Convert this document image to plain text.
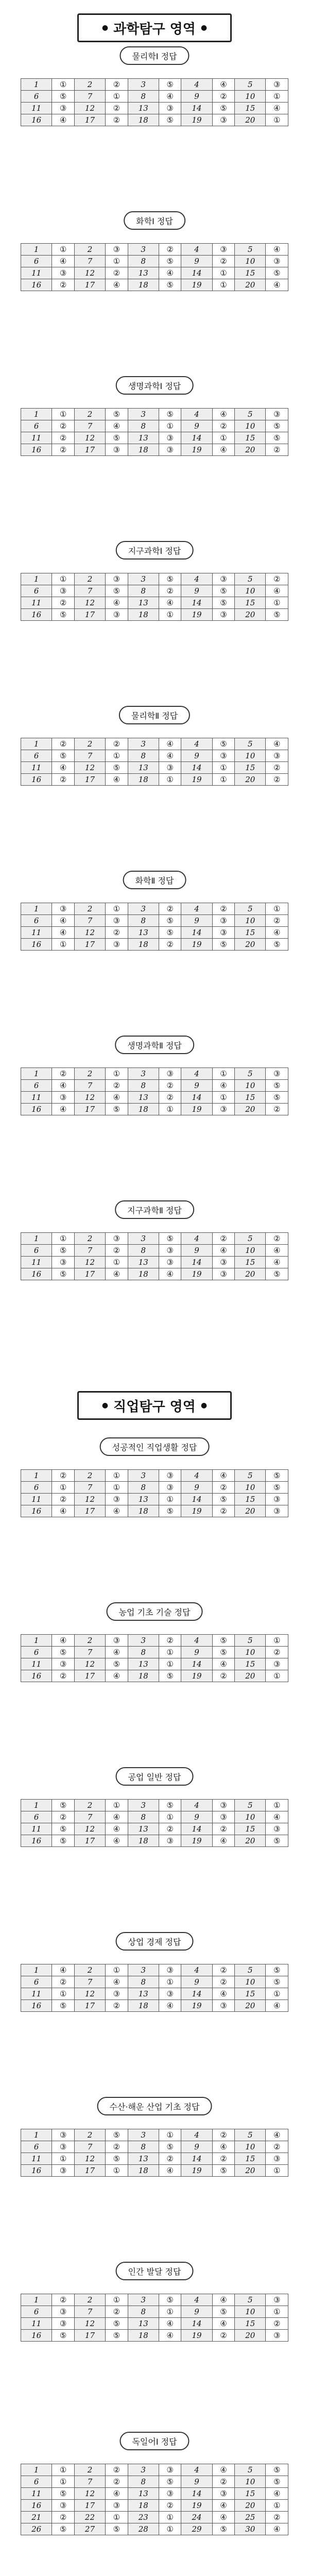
● 과학탐구 영역 ●
● 직업탐구 영역 ●
물리학Ⅰ 정답
1	①	2	②	3	⑤	4	④	5	③
6	⑤	7	①	8	④	9	②	10	①
11	③	12	②	13	③	14	⑤	15	④
16	④	17	②	18	⑤	19	③	20	①
화학Ⅰ 정답
1	①	2	③	3	②	4	③	5	④
6	④	7	①	8	⑤	9	②	10	③
11	③	12	②	13	④	14	①	15	⑤
16	②	17	④	18	⑤	19	①	20	④
생명과학Ⅰ 정답
1	①	2	⑤	3	⑤	4	④	5	③
6	②	7	④	8	①	9	②	10	⑤
11	②	12	⑤	13	③	14	①	15	⑤
16	②	17	③	18	③	19	④	20	②
지구과학Ⅰ 정답
1	①	2	③	3	⑤	4	③	5	②
6	③	7	⑤	8	②	9	⑤	10	④
11	②	12	④	13	④	14	⑤	15	①
16	⑤	17	③	18	①	19	③	20	⑤
물리학Ⅱ 정답
1	②	2	②	3	④	4	⑤	5	④
6	⑤	7	①	8	④	9	③	10	③
11	④	12	⑤	13	③	14	①	15	②
16	②	17	④	18	①	19	①	20	②
화학Ⅱ 정답
1	③	2	①	3	②	4	②	5	①
6	④	7	③	8	⑤	9	③	10	②
11	④	12	②	13	⑤	14	③	15	④
16	①	17	③	18	②	19	⑤	20	⑤
생명과학Ⅱ 정답
1	②	2	①	3	③	4	①	5	③
6	④	7	②	8	②	9	④	10	⑤
11	③	12	④	13	②	14	①	15	⑤
16	④	17	⑤	18	①	19	③	20	②
지구과학Ⅱ 정답
1	①	2	③	3	⑤	4	②	5	②
6	⑤	7	②	8	③	9	④	10	④
11	③	12	①	13	③	14	③	15	④
16	⑤	17	④	18	④	19	③	20	⑤
성공적인 직업생활 정답
1	②	2	①	3	③	4	④	5	⑤
6	①	7	①	8	③	9	②	10	⑤
11	②	12	③	13	①	14	⑤	15	③
16	④	17	④	18	⑤	19	②	20	③
농업 기초 기술 정답
1	④	2	③	3	②	4	⑤	5	①
6	⑤	7	④	8	①	9	⑤	10	②
11	③	12	⑤	13	①	14	④	15	③
16	②	17	④	18	⑤	19	②	20	①
공업 일반 정답
1	⑤	2	①	3	⑤	4	③	5	①
6	②	7	④	8	①	9	③	10	④
11	⑤	12	④	13	②	14	②	15	③
16	⑤	17	④	18	③	19	④	20	⑤
상업 경제 정답
1	④	2	①	3	③	4	②	5	⑤
6	②	7	④	8	①	9	②	10	⑤
11	①	12	③	13	③	14	④	15	①
16	⑤	17	②	18	④	19	③	20	④
수산·해운 산업 기초 정답
1	③	2	⑤	3	①	4	②	5	④
6	③	7	②	8	⑤	9	④	10	②
11	①	12	⑤	13	②	14	②	15	③
16	③	17	①	18	④	19	⑤	20	①
인간 발달 정답
1	②	2	①	3	⑤	4	④	5	③
6	③	7	②	8	①	9	⑤	10	①
11	③	12	⑤	13	④	14	④	15	②
16	⑤	17	⑤	18	④	19	②	20	③
독일어Ⅰ 정답
1	①	2	②	3	③	4	④	5	⑤
6	①	7	②	8	⑤	9	②	10	⑤
11	⑤	12	④	13	③	14	③	15	④
16	③	17	③	18	②	19	④	20	①
21	②	22	①	23	①	24	④	25	②
26	⑤	27	⑤	28	①	29	⑤	30	④
